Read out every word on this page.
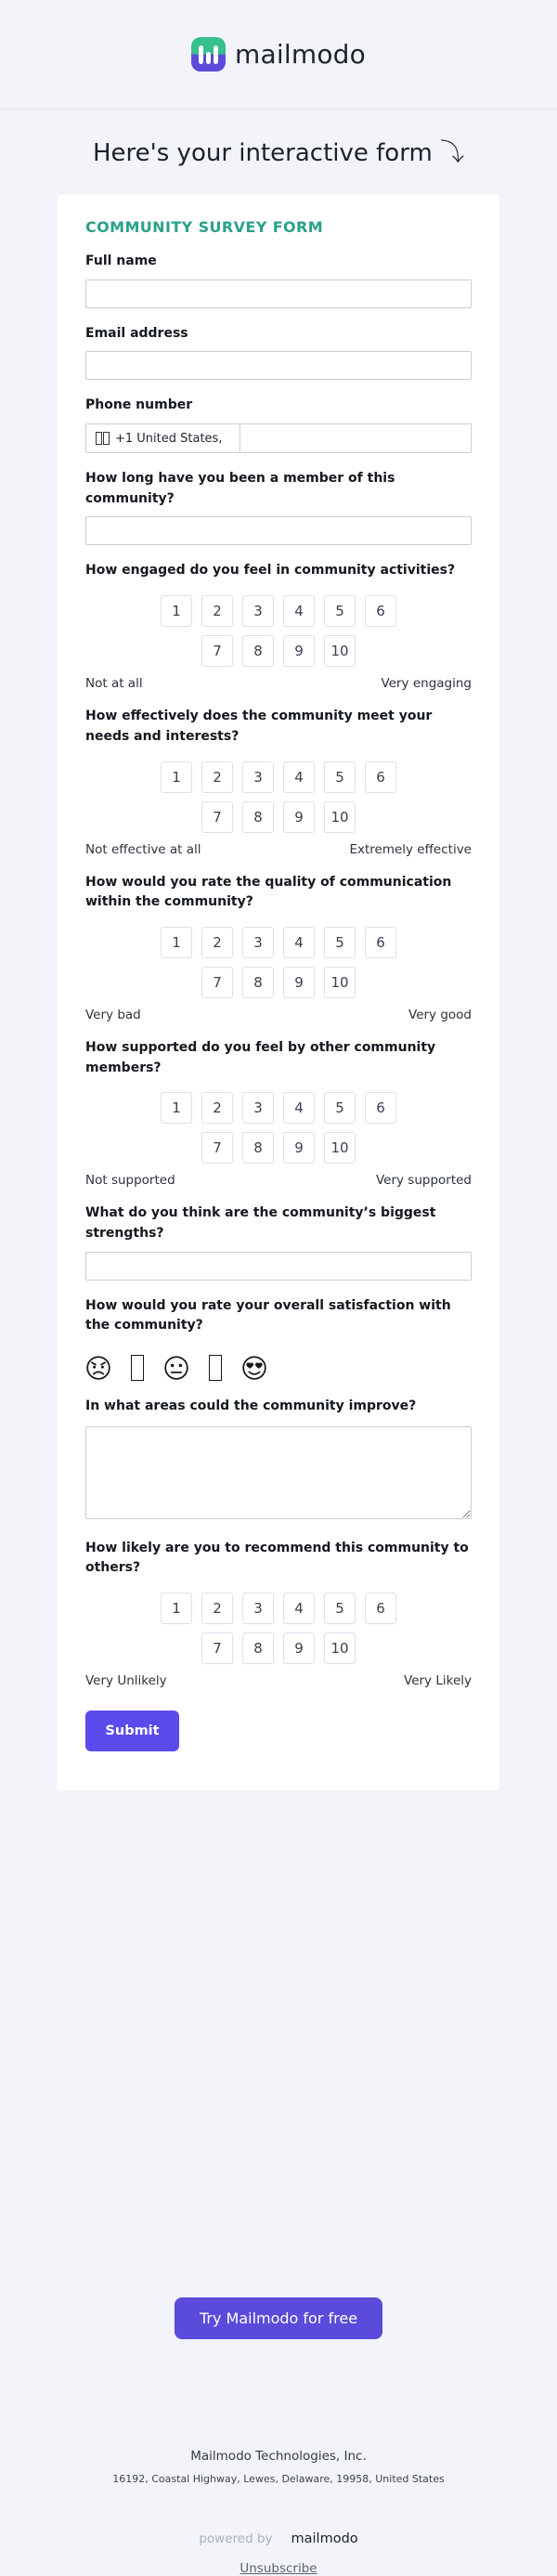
mailmodo
Here's your interactive form ⤵
COMMUNITY SURVEY FORM
Full name
Email address
Phone number
+1 United States,
How long have you been a member of this community?
How engaged do you feel in community activities?
1	2	3	4	5	6
7	8	9	10
Not at all	Very engaging
How effectively does the community meet your needs and interests?
1	2	3	4	5	6
7	8	9	10
Not effective at all	Extremely effective
How would you rate the quality of communication within the community?
1	2	3	4	5	6
7	8	9	10
Very bad	Very good
How supported do you feel by other community members?
1	2	3	4	5	6
7	8	9	10
Not supported	Very supported
What do you think are the community’s biggest strengths?
How would you rate your overall satisfaction with the community?
In what areas could the community improve?
How likely are you to recommend this community to others?
1	2	3	4	5	6
7	8	9	10
Very Unlikely	Very Likely
Submit
Try Mailmodo for free
Mailmodo Technologies, Inc.
16192, Coastal Highway, Lewes, Delaware, 19958, United States
powered by mailmodo
Unsubscribe
